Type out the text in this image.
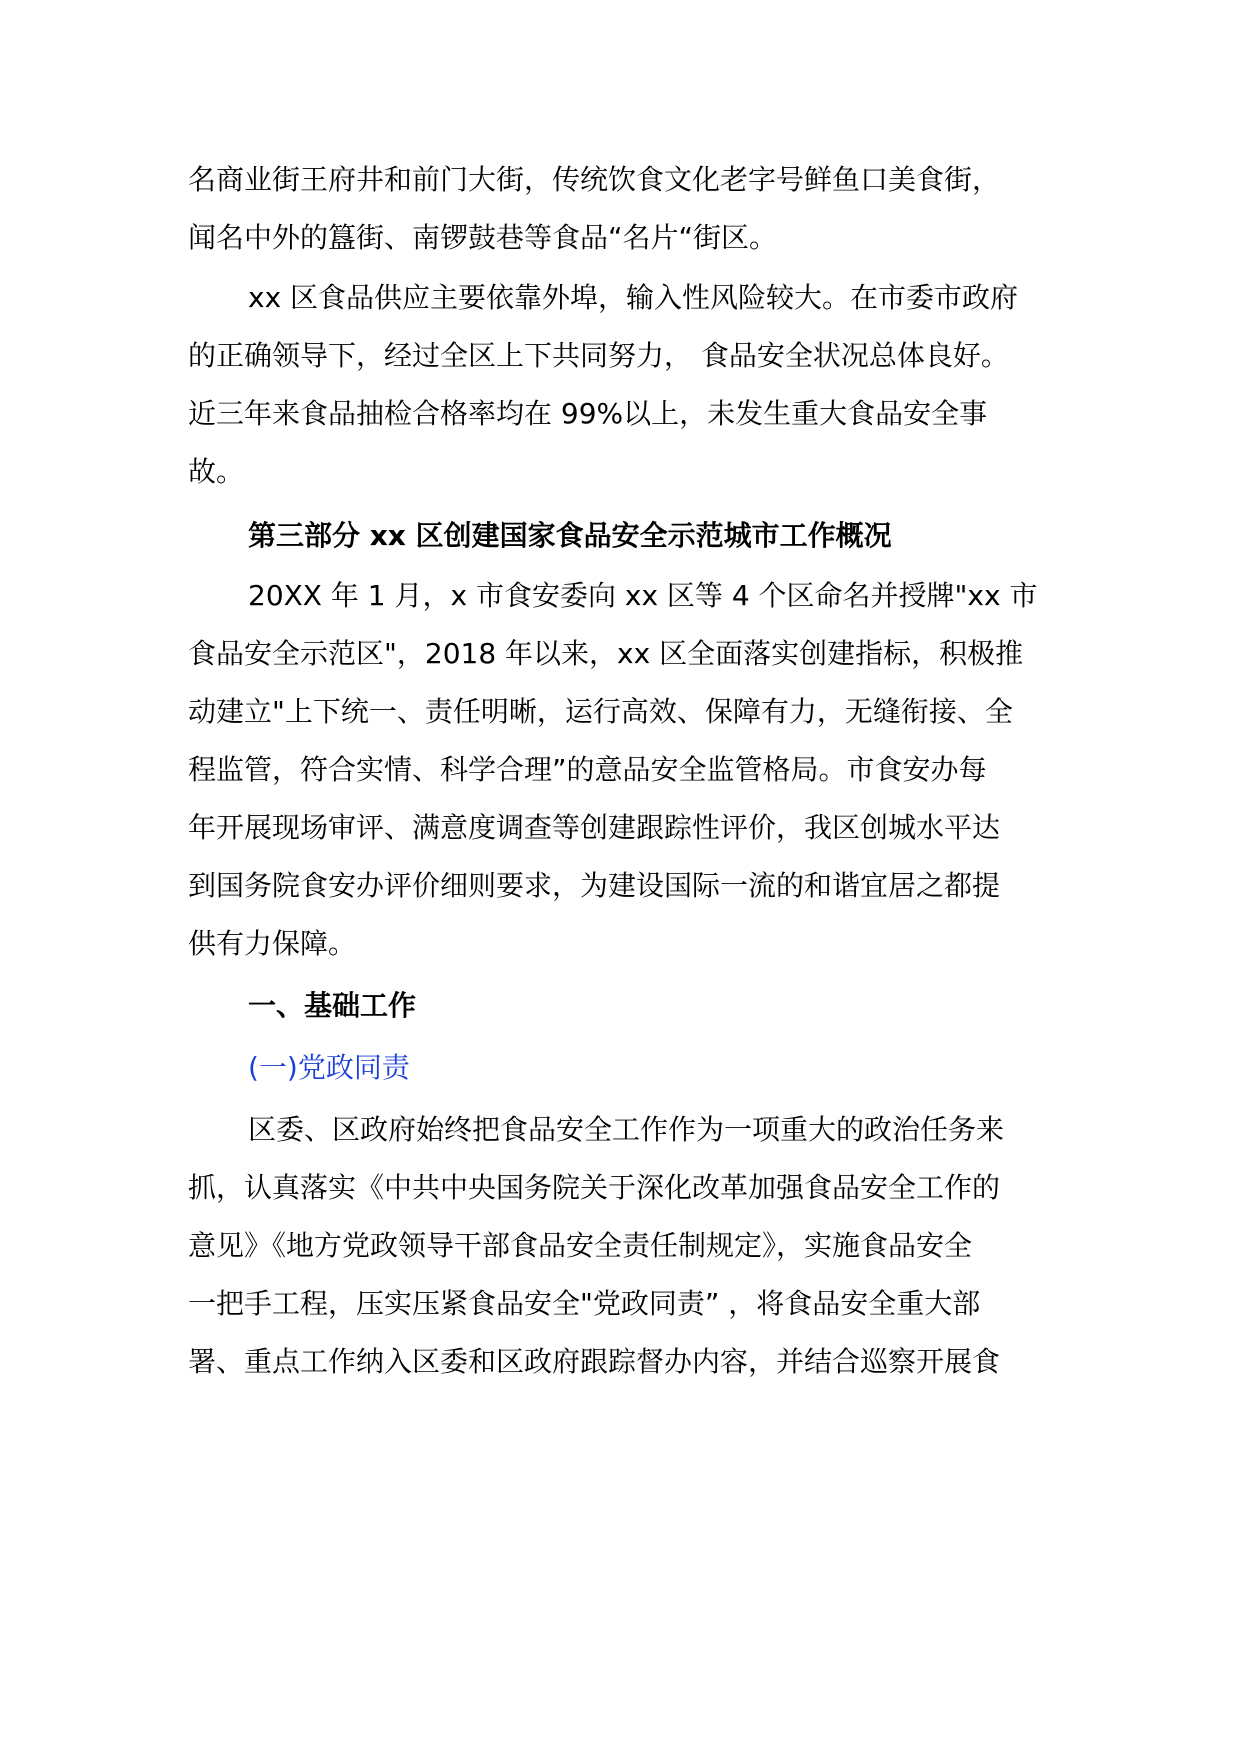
名商业街王府井和前门大街，传统饮食文化老字号鲜鱼口美食街，
闻名中外的簋街、南锣鼓巷等食品“名片“街区。
xx 区食品供应主要依靠外埠，输入性风险较大。在市委市政府
的正确领导下，经过全区上下共同努力， 食品安全状况总体良好。
近三年来食品抽检合格率均在 99%以上，未发生重大食品安全事
故。
第三部分 xx 区创建国家食品安全示范城市工作概况
20XX 年 1 月，x 市食安委向 xx 区等 4 个区命名并授牌"xx 市
食品安全示范区"，2018 年以来，xx 区全面落实创建指标，积极推
动建立"上下统一、责任明晰，运行高效、保障有力，无缝衔接、全
程监管，符合实情、科学合理”的意品安全监管格局。市食安办每
年开展现场审评、满意度调查等创建跟踪性评价，我区创城水平达
到国务院食安办评价细则要求，为建设国际一流的和谐宜居之都提
供有力保障。
一、基础工作
(一)党政同责
区委、区政府始终把食品安全工作作为一项重大的政治任务来
抓，认真落实《中共中央国务院关于深化改革加强食品安全工作的
意见》《地方党政领导干部食品安全责任制规定》，实施食品安全
一把手工程，压实压紧食品安全"党政同责” ，将食品安全重大部
署、重点工作纳入区委和区政府跟踪督办内容，并结合巡察开展食
